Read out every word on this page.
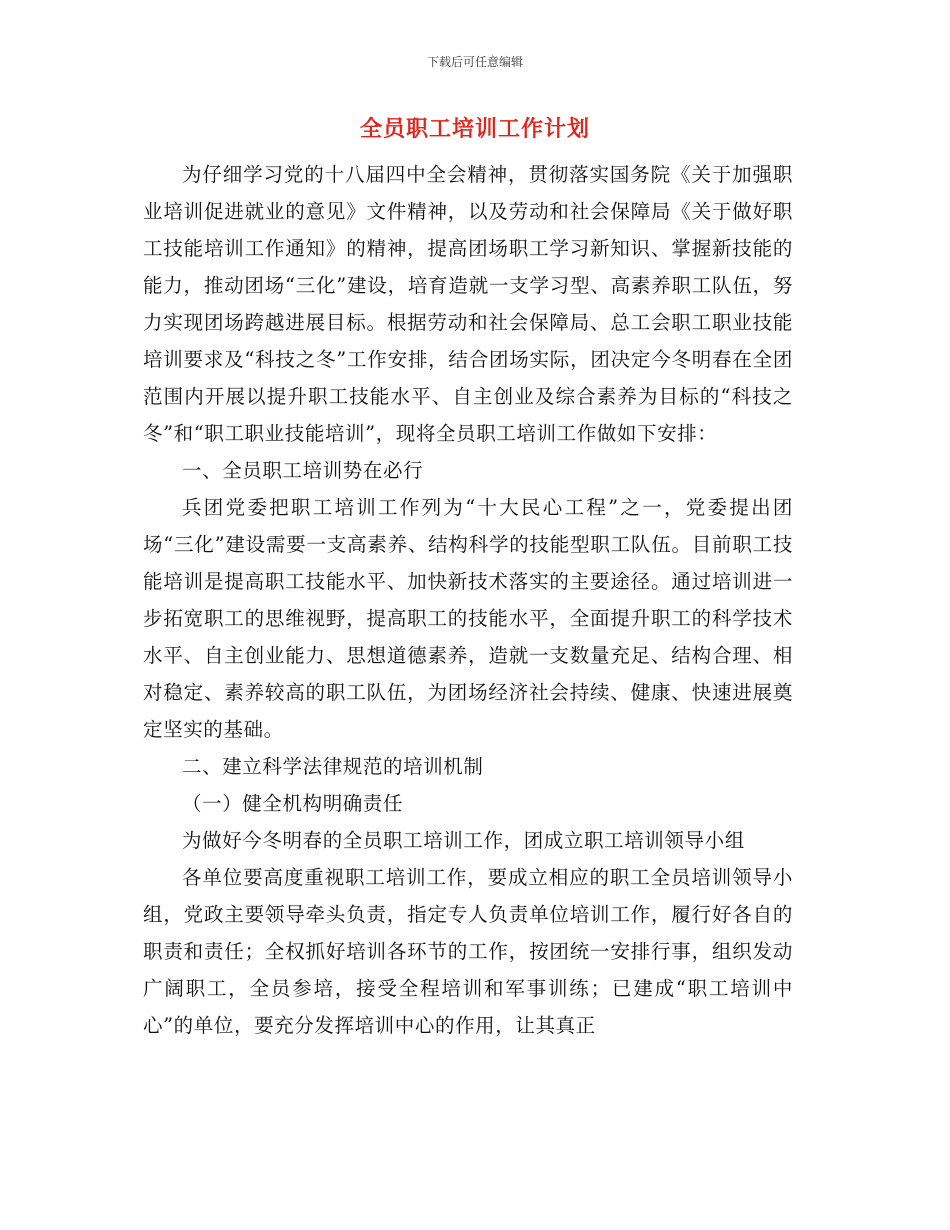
下载后可任意编辑
全员职工培训工作计划

为仔细学习党的十八届四中全会精神，贯彻落实国务院《关于加强职业培训促进就业的意见》文件精神，以及劳动和社会保障局《关于做好职工技能培训工作通知》的精神，提高团场职工学习新知识、掌握新技能的能力，推动团场“三化”建设，培育造就一支学习型、高素养职工队伍，努力实现团场跨越进展目标。根据劳动和社会保障局、总工会职工职业技能培训要求及“科技之冬”工作安排，结合团场实际，团决定今冬明春在全团范围内开展以提升职工技能水平、自主创业及综合素养为目标的“科技之冬”和“职工职业技能培训”，现将全员职工培训工作做如下安排：

一、全员职工培训势在必行

兵团党委把职工培训工作列为“十大民心工程”之一，党委提出团场“三化”建设需要一支高素养、结构科学的技能型职工队伍。目前职工技能培训是提高职工技能水平、加快新技术落实的主要途径。通过培训进一步拓宽职工的思维视野，提高职工的技能水平，全面提升职工的科学技术水平、自主创业能力、思想道德素养，造就一支数量充足、结构合理、相对稳定、素养较高的职工队伍，为团场经济社会持续、健康、快速进展奠定坚实的基础。

二、建立科学法律规范的培训机制

（一）健全机构明确责任

为做好今冬明春的全员职工培训工作，团成立职工培训领导小组

各单位要高度重视职工培训工作，要成立相应的职工全员培训领导小组，党政主要领导牵头负责，指定专人负责单位培训工作，履行好各自的职责和责任；全权抓好培训各环节的工作，按团统一安排行事，组织发动广阔职工，全员参培，接受全程培训和军事训练；已建成“职工培训中心”的单位，要充分发挥培训中心的作用，让其真正
